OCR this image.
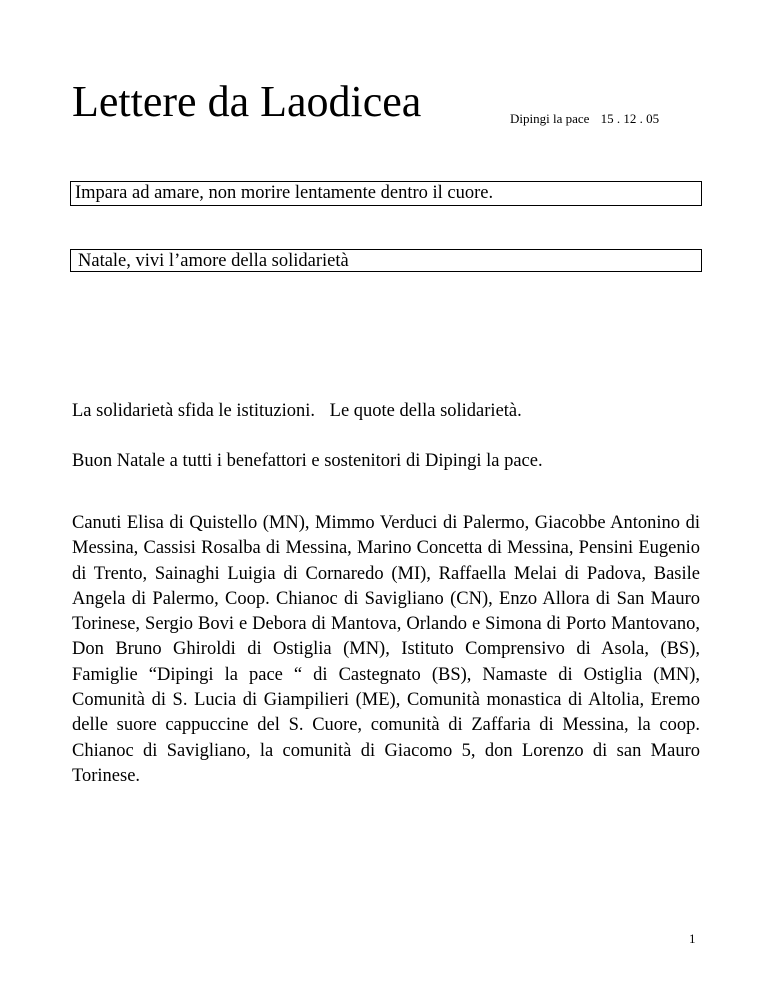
Lettere da Laodicea	Dipingi la pace 15 . 12 . 05
Impara ad amare, non morire lentamente dentro il cuore.
Natale, vivi l’amore della solidarietà
La solidarietà sfida le istituzioni. Le quote della solidarietà.
Buon Natale a tutti i benefattori e sostenitori di Dipingi la pace.
Canuti Elisa di Quistello (MN), Mimmo Verduci di Palermo, Giacobbe Antonino di Messina, Cassisi Rosalba di Messina, Marino Concetta di Messina, Pensini Eugenio di Trento, Sainaghi Luigia di Cornaredo (MI), Raffaella Melai di Padova, Basile Angela di Palermo, Coop. Chianoc di Savigliano (CN), Enzo Allora di San Mauro Torinese, Sergio Bovi e Debora di Mantova, Orlando e Simona di Porto Mantovano, Don Bruno Ghiroldi di Ostiglia (MN), Istituto Comprensivo di Asola, (BS), Famiglie “Dipingi la pace “ di Castegnato (BS), Namaste di Ostiglia (MN), Comunità di S. Lucia di Giampilieri (ME), Comunità monastica di Altolia, Eremo delle suore cappuccine del S. Cuore, comunità di Zaffaria di Messina, la coop. Chianoc di Savigliano, la comunità di Giacomo 5, don Lorenzo di san Mauro Torinese.
1
